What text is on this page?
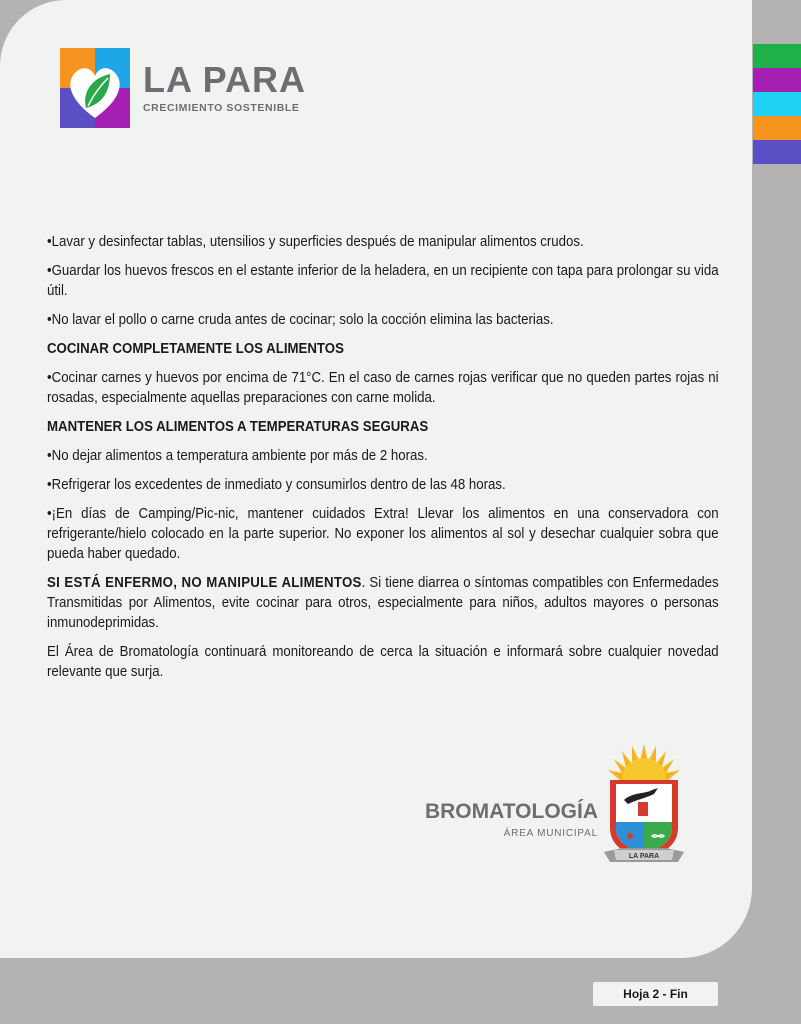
LA PARA
CRECIMIENTO SOSTENIBLE

•Lavar y desinfectar tablas, utensilios y superficies después de manipular alimentos crudos.

•Guardar los huevos frescos en el estante inferior de la heladera, en un recipiente con tapa para prolongar su vida útil.

•No lavar el pollo o carne cruda antes de cocinar; solo la cocción elimina las bacterias.

COCINAR COMPLETAMENTE LOS ALIMENTOS

•Cocinar carnes y huevos por encima de 71°C. En el caso de carnes rojas verificar que no queden partes rojas ni rosadas, especialmente aquellas preparaciones con carne molida.

MANTENER LOS ALIMENTOS A TEMPERATURAS SEGURAS

•No dejar alimentos a temperatura ambiente por más de 2 horas.

•Refrigerar los excedentes de inmediato y consumirlos dentro de las 48 horas.

•¡En días de Camping/Pic-nic, mantener cuidados Extra! Llevar los alimentos en una conservadora con refrigerante/hielo colocado en la parte superior. No exponer los alimentos al sol y desechar cualquier sobra que pueda haber quedado.

SI ESTÁ ENFERMO, NO MANIPULE ALIMENTOS. Si tiene diarrea o síntomas compatibles con Enfermedades Transmitidas por Alimentos, evite cocinar para otros, especialmente para niños, adultos mayores o personas inmunodeprimidas.

El Área de Bromatología continuará monitoreando de cerca la situación e informará sobre cualquier novedad relevante que surja.

BROMATOLOGÍA
ÁREA MUNICIPAL
LA PARA
Hoja 2 - Fin
